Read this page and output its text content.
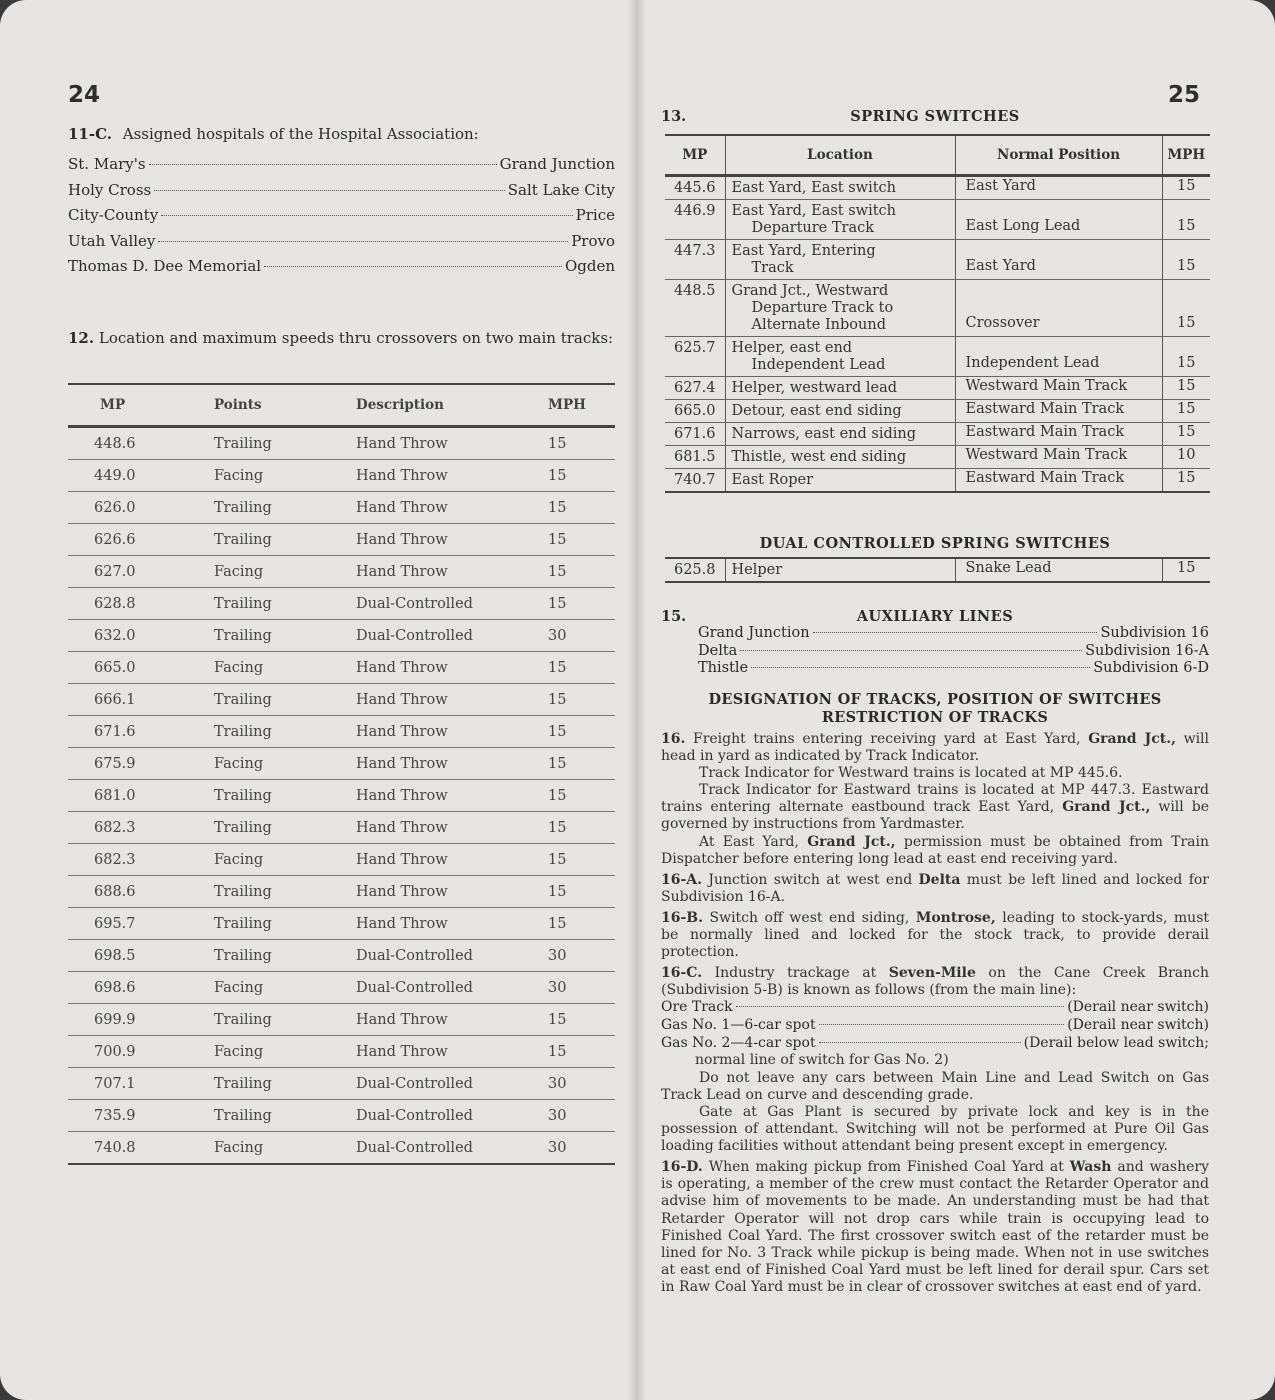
24
11-C. Assigned hospitals of the Hospital Association:
St. Mary's	Grand Junction
Holy Cross	Salt Lake City
City-County	Price
Utah Valley	Provo
Thomas D. Dee Memorial	Ogden
12. Location and maximum speeds thru crossovers on two main tracks:
MP	Points	Description	MPH
448.6	Trailing	Hand Throw	15
449.0	Facing	Hand Throw	15
626.0	Trailing	Hand Throw	15
626.6	Trailing	Hand Throw	15
627.0	Facing	Hand Throw	15
628.8	Trailing	Dual-Controlled	15
632.0	Trailing	Dual-Controlled	30
665.0	Facing	Hand Throw	15
666.1	Trailing	Hand Throw	15
671.6	Trailing	Hand Throw	15
675.9	Facing	Hand Throw	15
681.0	Trailing	Hand Throw	15
682.3	Trailing	Hand Throw	15
682.3	Facing	Hand Throw	15
688.6	Trailing	Hand Throw	15
695.7	Trailing	Hand Throw	15
698.5	Trailing	Dual-Controlled	30
698.6	Facing	Dual-Controlled	30
699.9	Trailing	Hand Throw	15
700.9	Facing	Hand Throw	15
707.1	Trailing	Dual-Controlled	30
735.9	Trailing	Dual-Controlled	30
740.8	Facing	Dual-Controlled	30
25
13.	SPRING SWITCHES
MP	Location	Normal Position	MPH
445.6	East Yard, East switch	East Yard	15
446.9	East Yard, East switch
Departure Track	East Long Lead	15
447.3	East Yard, Entering
Track	East Yard	15
448.5	Grand Jct., Westward
Departure Track to
Alternate Inbound	Crossover	15
625.7	Helper, east end
Independent Lead	Independent Lead	15
627.4	Helper, westward lead	Westward Main Track	15
665.0	Detour, east end siding	Eastward Main Track	15
671.6	Narrows, east end siding	Eastward Main Track	15
681.5	Thistle, west end siding	Westward Main Track	10
740.7	East Roper	Eastward Main Track	15
DUAL CONTROLLED SPRING SWITCHES
625.8	Helper	Snake Lead	15
15.	AUXILIARY LINES
Grand Junction	Subdivision 16
Delta	Subdivision 16-A
Thistle	Subdivision 6-D
DESIGNATION OF TRACKS, POSITION OF SWITCHES
RESTRICTION OF TRACKS

16. Freight trains entering receiving yard at East Yard, Grand Jct., will head in yard as indicated by Track Indicator.

Track Indicator for Westward trains is located at MP 445.6.

Track Indicator for Eastward trains is located at MP 447.3. Eastward trains entering alternate eastbound track East Yard, Grand Jct., will be governed by instructions from Yardmaster.

At East Yard, Grand Jct., permission must be obtained from Train Dispatcher before entering long lead at east end receiving yard.

16-A. Junction switch at west end Delta must be left lined and locked for Subdivision 16-A.

16-B. Switch off west end siding, Montrose, leading to stock-yards, must be normally lined and locked for the stock track, to provide derail protection.

16-C. Industry trackage at Seven-Mile on the Cane Creek Branch (Subdivision 5-B) is known as follows (from the main line):

Ore Track	(Derail near switch)
Gas No. 1—6-car spot	(Derail near switch)
Gas No. 2—4-car spot	(Derail below lead switch;
normal line of switch for Gas No. 2)

Do not leave any cars between Main Line and Lead Switch on Gas Track Lead on curve and descending grade.

Gate at Gas Plant is secured by private lock and key is in the possession of attendant. Switching will not be performed at Pure Oil Gas loading facilities without attendant being present except in emergency.

16-D. When making pickup from Finished Coal Yard at Wash and washery is operating, a member of the crew must contact the Retarder Operator and advise him of movements to be made. An understanding must be had that Retarder Operator will not drop cars while train is occupying lead to Finished Coal Yard. The first crossover switch east of the retarder must be lined for No. 3 Track while pickup is being made. When not in use switches at east end of Finished Coal Yard must be left lined for derail spur. Cars set in Raw Coal Yard must be in clear of crossover switches at east end of yard.
